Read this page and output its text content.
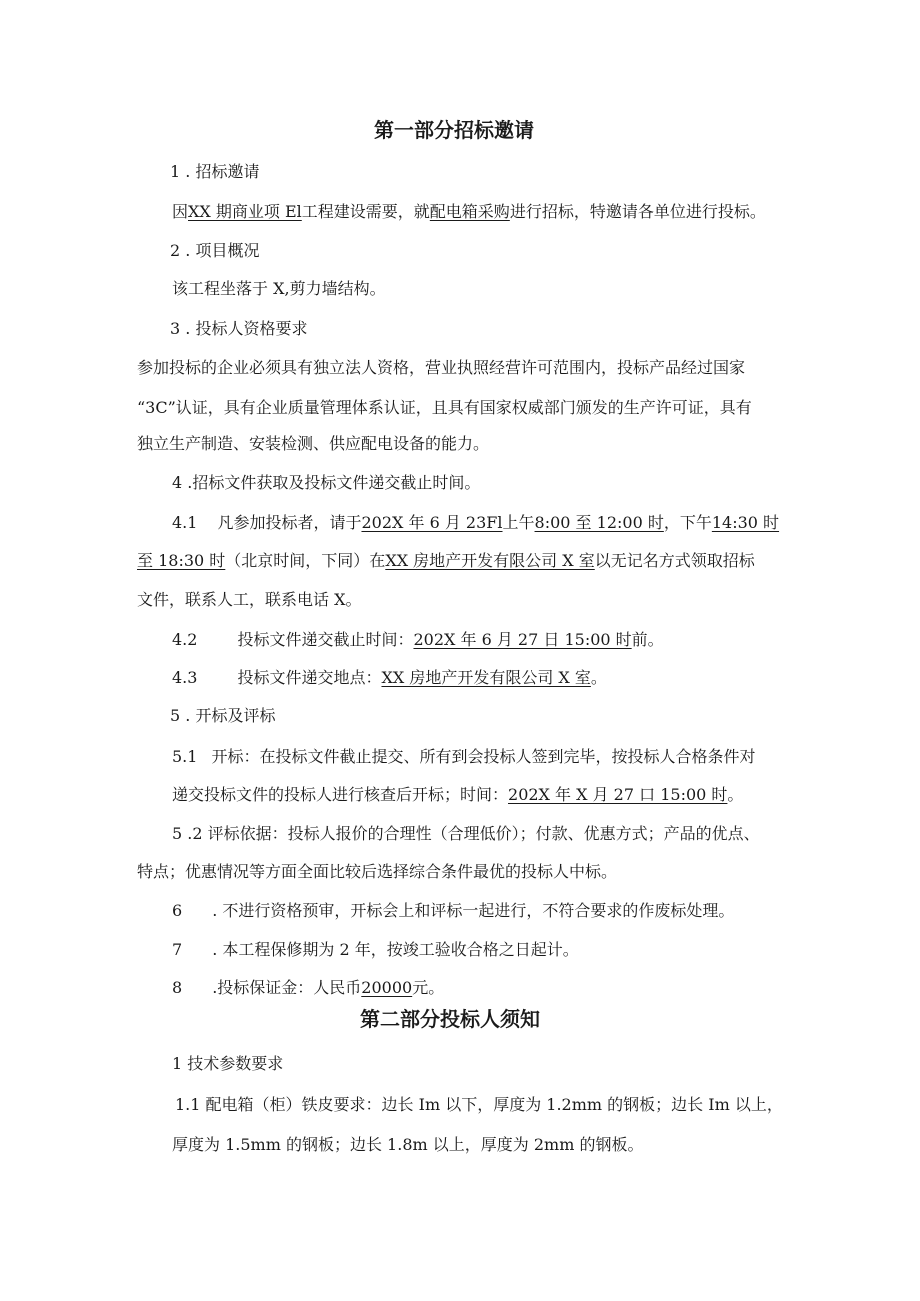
第一部分招标邀请

1 . 招标邀请

因XX 期商业项 El工程建设需要，就配电箱采购进行招标，特邀请各单位进行投标。

2 . 项目概况

该工程坐落于 X,剪力墙结构。

3 . 投标人资格要求

参加投标的企业必须具有独立法人资格，营业执照经营许可范围内，投标产品经过国家

“3C”认证，具有企业质量管理体系认证，且具有国家权威部门颁发的生产许可证，具有

独立生产制造、安装检测、供应配电设备的能力。

4 .招标文件获取及投标文件递交截止时间。

4.1 凡参加投标者，请于202X 年 6 月 23Fl上午8:00 至 12:00 时，下午14:30 时

至 18:30 时（北京时间，下同）在XX 房地产开发有限公司 X 室以无记名方式领取招标

文件，联系人工，联系电话 X。

4.2	投标文件递交截止时间：202X 年 6 月 27 日 15:00 时前。

4.3	投标文件递交地点：XX 房地产开发有限公司 X 室。

5 . 开标及评标

5.1 开标：在投标文件截止提交、所有到会投标人签到完毕，按投标人合格条件对

递交投标文件的投标人进行核查后开标；时间：202X 年 X 月 27 口 15:00 时。

5 .2 评标依据：投标人报价的合理性（合理低价）；付款、优惠方式；产品的优点、

特点；优惠情况等方面全面比较后选择综合条件最优的投标人中标。

6 . 不进行资格预审，开标会上和评标一起进行，不符合要求的作废标处理。

7 . 本工程保修期为 2 年，按竣工验收合格之日起计。

8 .投标保证金：人民币20000元。

第二部分投标人须知

1 技术参数要求

1.1 配电箱（柜）铁皮要求：边长 Im 以下，厚度为 1.2mm 的钢板；边长 Im 以上，

厚度为 1.5mm 的钢板；边长 1.8m 以上，厚度为 2mm 的钢板。
